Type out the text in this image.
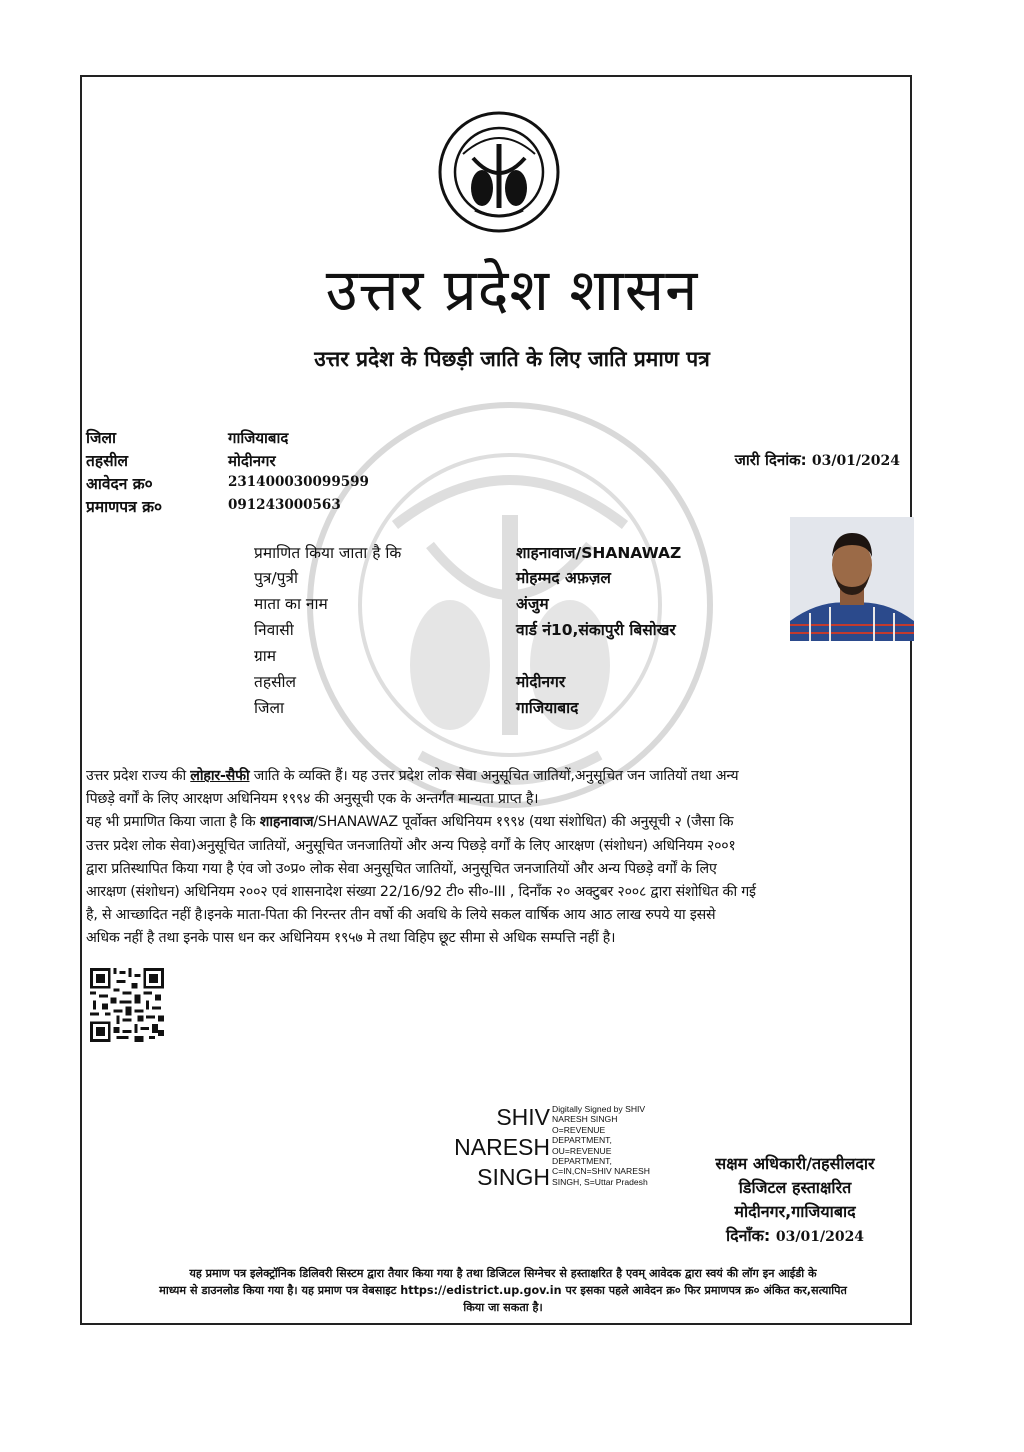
उत्तर प्रदेश शासन
उत्तर प्रदेश के पिछड़ी जाति के लिए जाति प्रमाण पत्र
जिला	गाजियाबाद
तहसील	मोदीनगर
आवेदन क्र०	231400030099599
प्रमाणपत्र क्र०	091243000563
जारी दिनांक: 03/01/2024
प्रमाणित किया जाता है कि	शाहनावाज/SHANAWAZ
पुत्र/पुत्री	मोहम्मद अफ़ज़ल
माता का नाम	अंजुम
निवासी	वार्ड नं10,संकापुरी बिसोखर
ग्राम
तहसील	मोदीनगर
जिला	गाजियाबाद
उत्तर प्रदेश राज्य की लोहार-सैफी जाति के व्यक्ति हैं। यह उत्तर प्रदेश लोक सेवा अनुसूचित जातियों,अनुसूचित जन जातियों तथा अन्य
पिछड़े वर्गों के लिए आरक्षण अधिनियम १९९४ की अनुसूची एक के अन्तर्गत मान्यता प्राप्त है।
यह भी प्रमाणित किया जाता है कि शाहनावाज/SHANAWAZ पूर्वोक्त अधिनियम १९९४ (यथा संशोधित) की अनुसूची २ (जैसा कि
उत्तर प्रदेश लोक सेवा)अनुसूचित जातियों, अनुसूचित जनजातियों और अन्य पिछड़े वर्गों के लिए आरक्षण (संशोधन) अधिनियम २००१
द्वारा प्रतिस्थापित किया गया है एंव जो उ०प्र० लोक सेवा अनुसूचित जातियों, अनुसूचित जनजातियों और अन्य पिछड़े वर्गों के लिए
आरक्षण (संशोधन) अधिनियम २००२ एवं शासनादेश संख्या 22/16/92 टी० सी०-III , दिनाँक २० अक्टुबर २००८ द्वारा संशोधित की गई
है, से आच्छादित नहीं है।इनके माता-पिता की निरन्तर तीन वर्षो की अवधि के लिये सकल वार्षिक आय आठ लाख रुपये या इससे
अधिक नहीं है तथा इनके पास धन कर अधिनियम १९५७ मे तथा विहिप छूट सीमा से अधिक सम्पत्ति नहीं है।
SHIV
NARESH
SINGH
Digitally Signed by SHIV
NARESH SINGH
O=REVENUE
DEPARTMENT,
OU=REVENUE
DEPARTMENT,
C=IN,CN=SHIV NARESH
SINGH, S=Uttar Pradesh
सक्षम अधिकारी/तहसीलदार
डिजिटल हस्ताक्षरित
मोदीनगर,गाजियाबाद
दिनाँक: 03/01/2024
यह प्रमाण पत्र इलेक्ट्रॉनिक डिलिवरी सिस्टम द्वारा तैयार किया गया है तथा डिजिटल सिग्नेचर से हस्ताक्षरित है एवम् आवेदक द्वारा स्वयं की लॉग इन आईडी के
माध्यम से डाउनलोड किया गया है। यह प्रमाण पत्र वेबसाइट https://edistrict.up.gov.in पर इसका पहले आवेदन क्र० फिर प्रमाणपत्र क्र० अंकित कर,सत्यापित
किया जा सकता है।
